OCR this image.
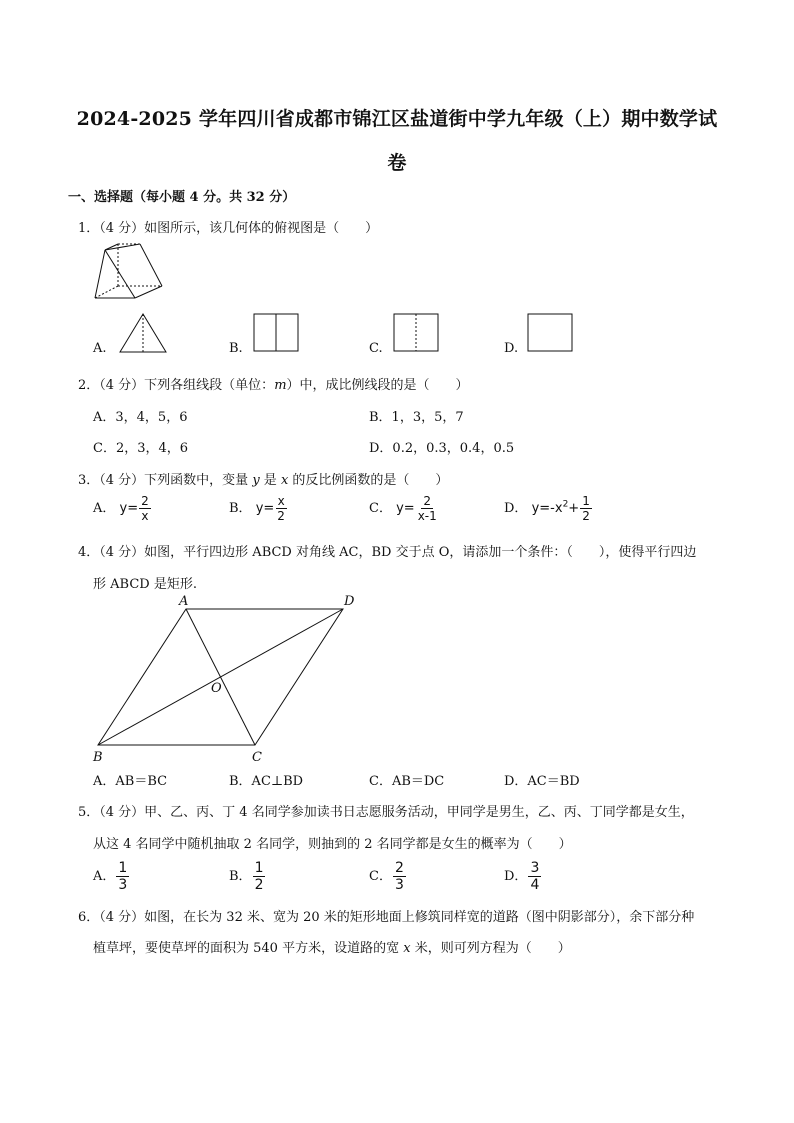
2024-2025 学年四川省成都市锦江区盐道街中学九年级（上）期中数学试
卷
一、选择题（每小题 4 分。共 32 分）
1．（4 分）如图所示，该几何体的俯视图是（　　）
A.	B.	C.	D.
2．（4 分）下列各组线段（单位：m）中，成比例线段的是（　　）
A．3，4，5，6	B．1，3，5，7
C．2，3，4，6	D．0.2，0.3，0.4，0.5
3．（4 分）下列函数中，变量 y 是 x 的反比例函数的是（　　）
A． $y= \frac{2}{x}$	B． $y= \frac{x}{2}$	C． $y= \frac{2}{x-1}$	D． $y=-x^2+ \frac{1}{2}$
4．（4 分）如图，平行四边形 ABCD 对角线 AC，BD 交于点 O，请添加一个条件：（　　），使得平行四边
形 ABCD 是矩形.
A	D
B	C
O
A．AB＝BC	B．AC⊥BD	C．AB＝DC	D．AC＝BD
5．（4 分）甲、乙、丙、丁 4 名同学参加读书日志愿服务活动，甲同学是男生，乙、丙、丁同学都是女生，
从这 4 名同学中随机抽取 2 名同学，则抽到的 2 名同学都是女生的概率为（　　）
A． $\frac{1}{3}$	B． $\frac{1}{2}$	C． $\frac{2}{3}$	D． $\frac{3}{4}$
6．（4 分）如图，在长为 32 米、宽为 20 米的矩形地面上修筑同样宽的道路（图中阴影部分），余下部分种
植草坪，要使草坪的面积为 540 平方米，设道路的宽 x 米，则可列方程为（　　）
